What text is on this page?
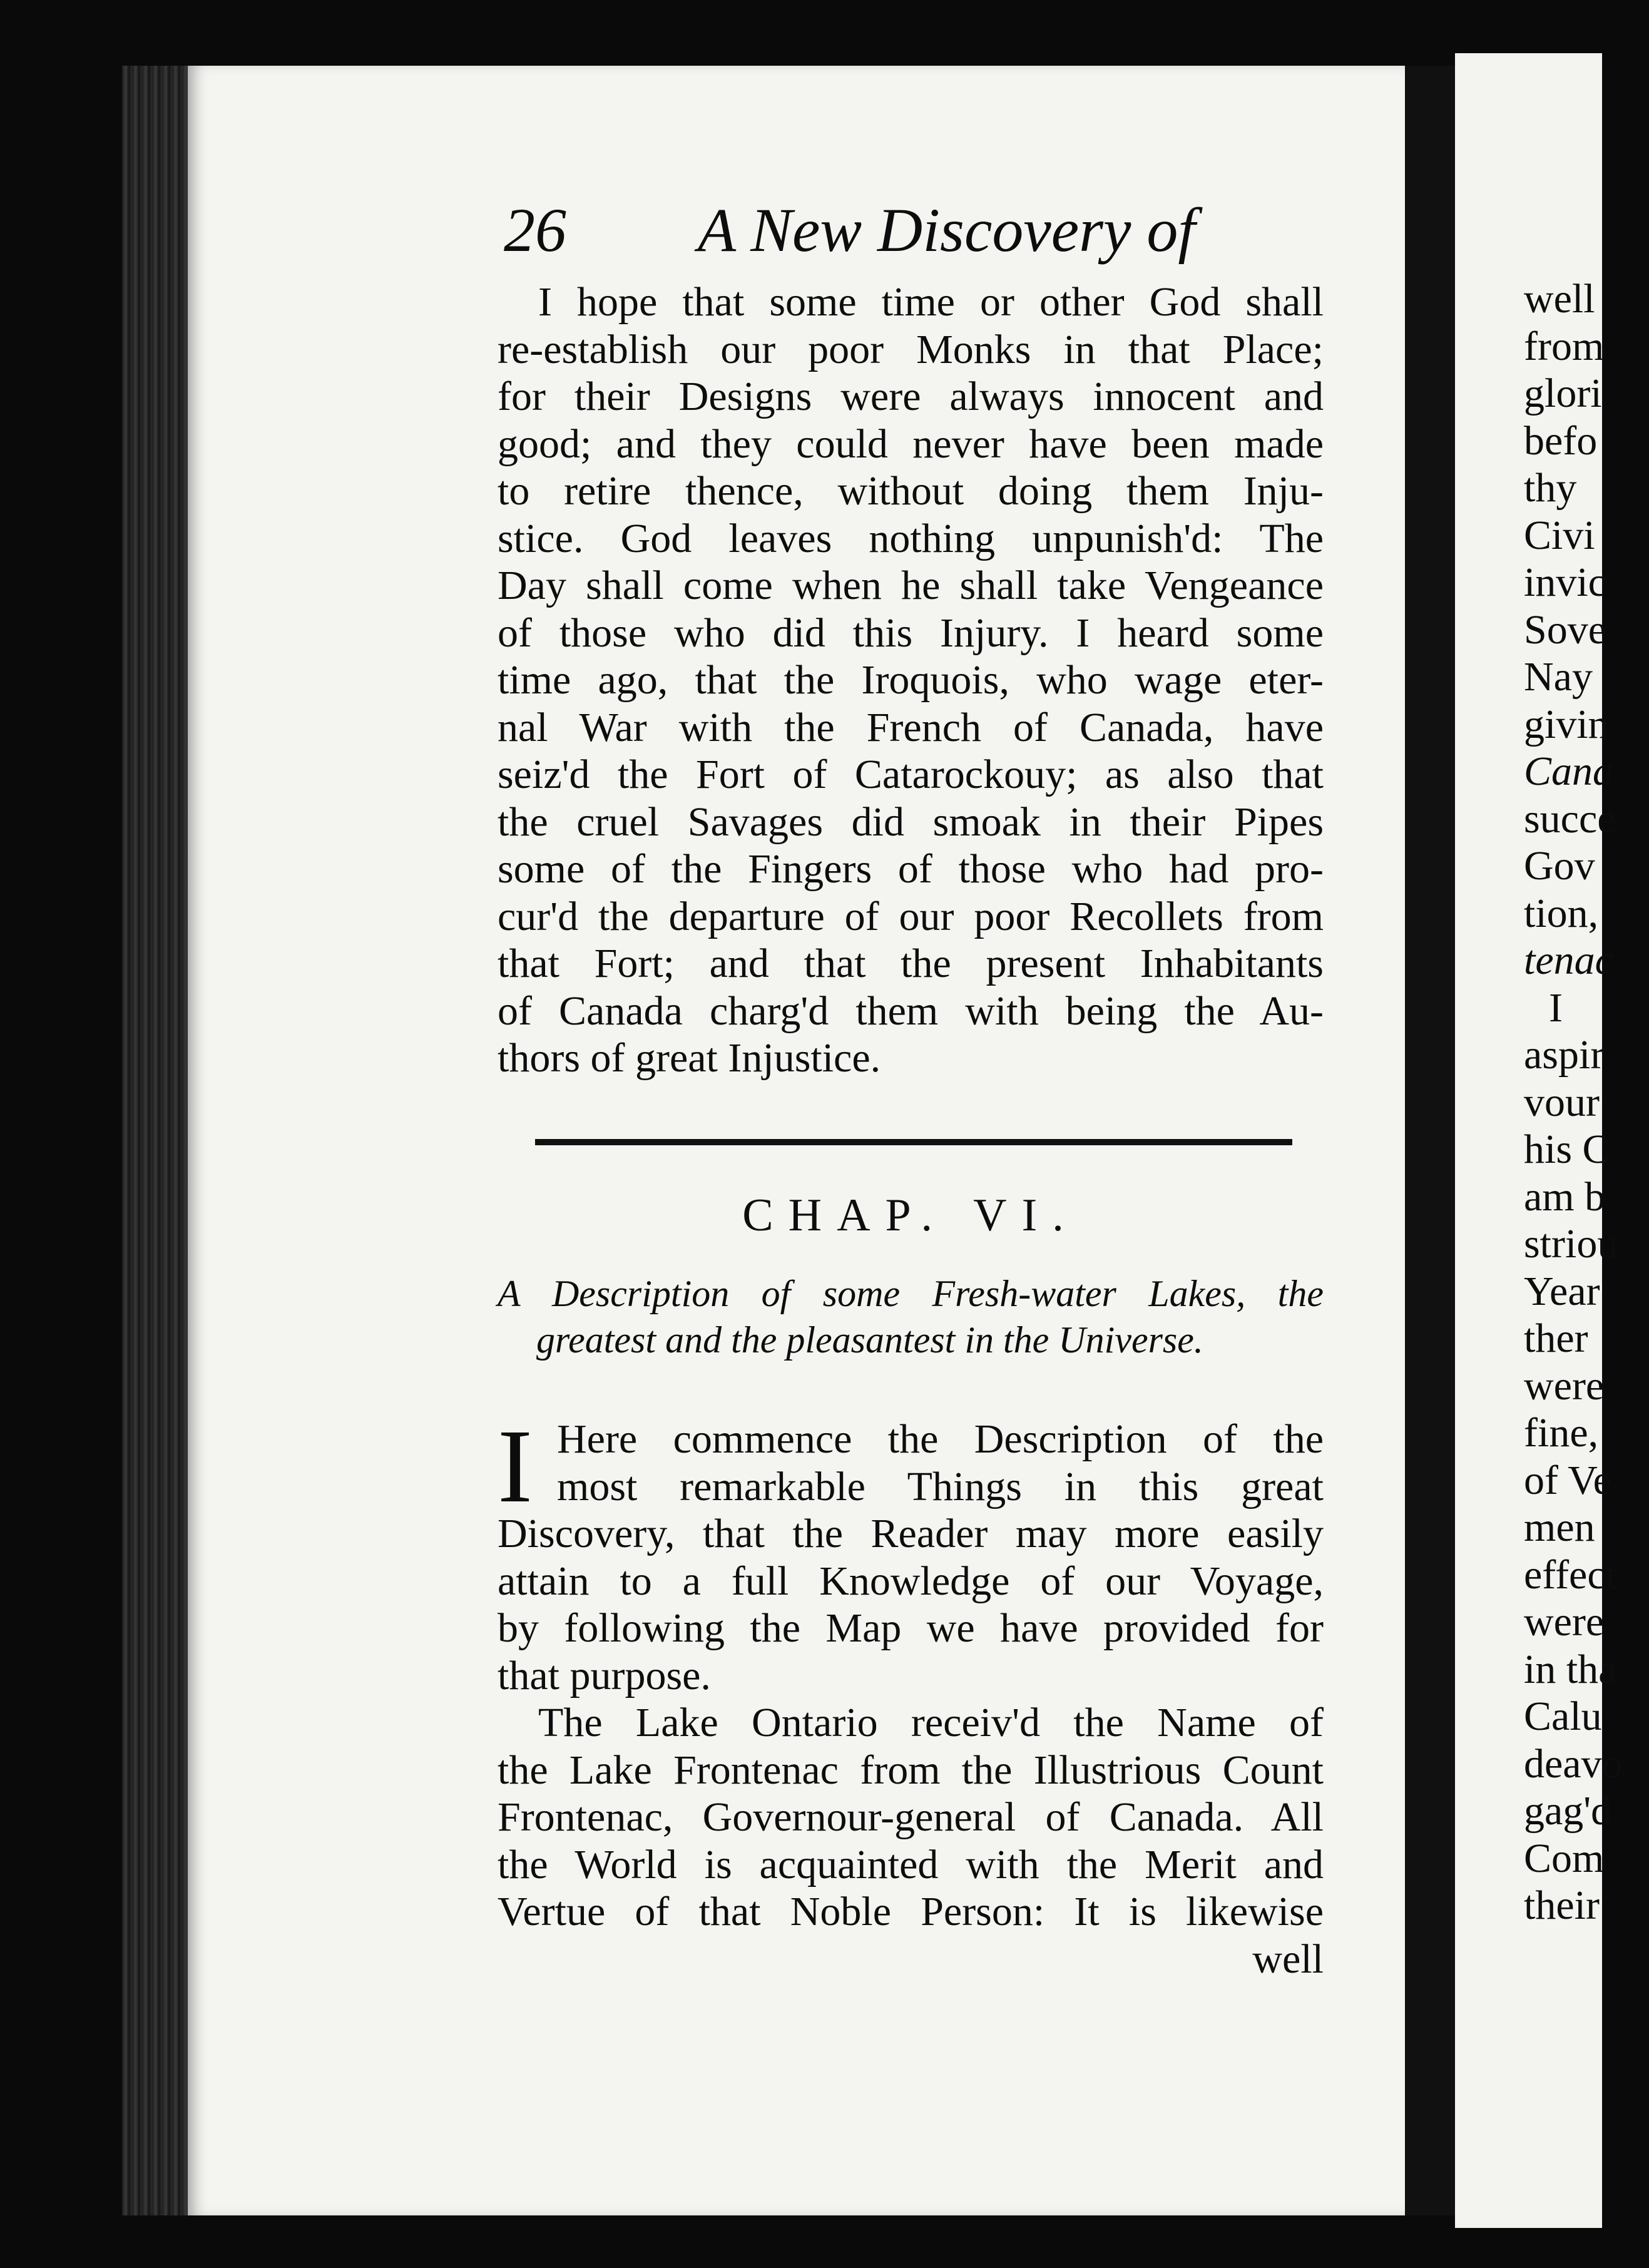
26 A New Discovery of
I hope that some time or other God shall
re-establish our poor Monks in that Place;
for their Designs were always innocent and
good; and they could never have been made
to retire thence, without doing them Inju-
stice. God leaves nothing unpunish'd: The
Day shall come when he shall take Vengeance
of those who did this Injury. I heard some
time ago, that the Iroquois, who wage eter-
nal War with the French of Canada, have
seiz'd the Fort of Catarockouy; as also that
the cruel Savages did smoak in their Pipes
some of the Fingers of those who had pro-
cur'd the departure of our poor Recollets from
that Fort; and that the present Inhabitants
of Canada charg'd them with being the Au-
thors of great Injustice.
CHAP. VI.
A Description of some Fresh-water Lakes, the
greatest and the pleasantest in the Universe.
I Here commence the Description of the
most remarkable Things in this great
Discovery, that the Reader may more easily
attain to a full Knowledge of our Voyage,
by following the Map we have provided for
that purpose.
The Lake Ontario receiv'd the Name of
the Lake Frontenac from the Illustrious Count
Frontenac, Governour-general of Canada. All
the World is acquainted with the Merit and
Vertue of that Noble Person: It is likewise
well
well
from
glori
befo
thy
Civi
invic
Sove
Nay
givin
Cana
succe
Gov
tion,
tenac
I
aspir
vour
his C
am b
striou
Year
ther
were
fine,
of Ve
men
effect
were
in tha
Calu
deavo
gag'd
Com
their
